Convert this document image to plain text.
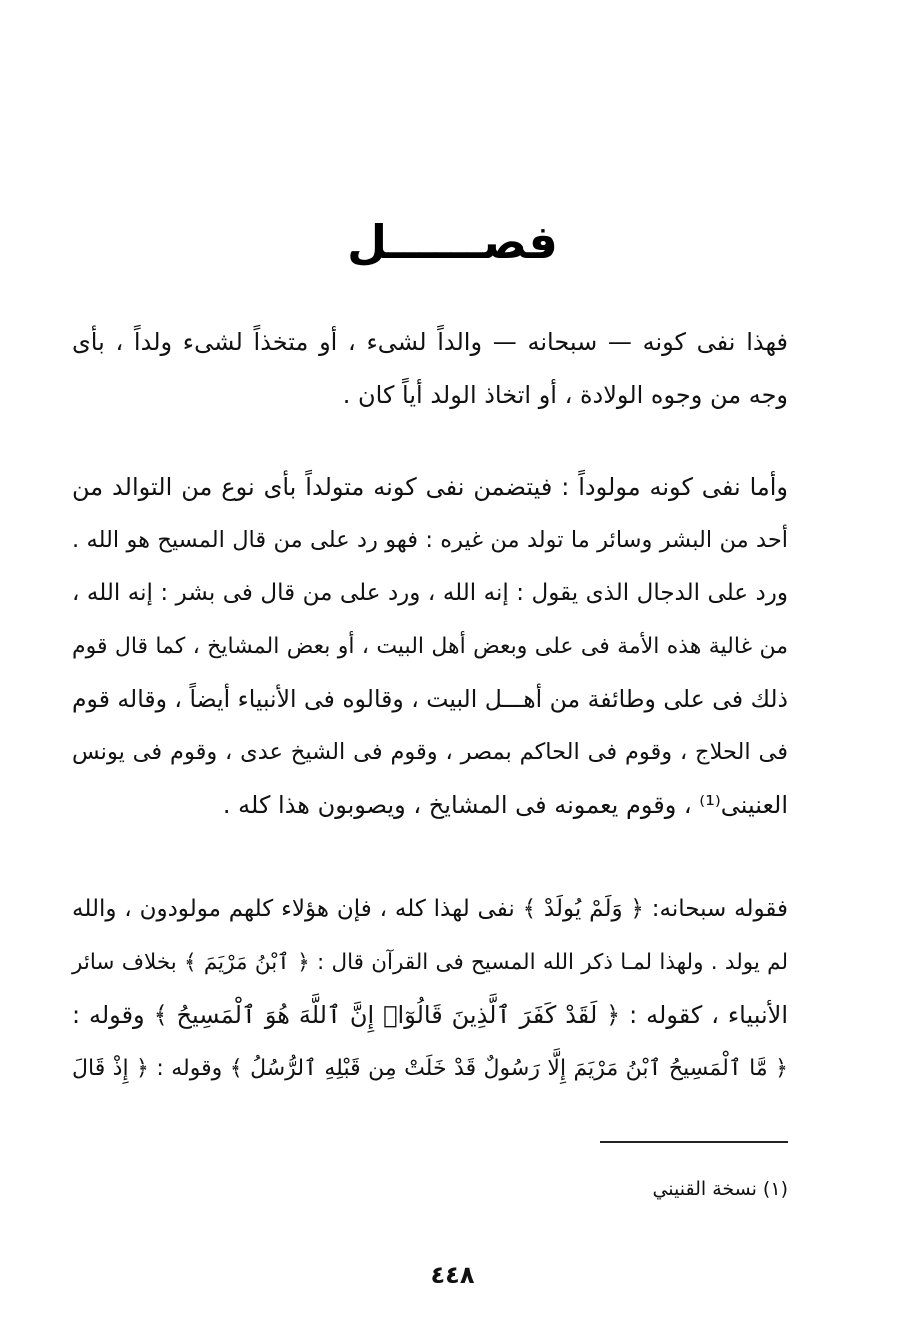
فصــــــل
فهذا نفى كونه — سبحانه — والداً لشىء ، أو متخذاً لشىء ولداً ، بأى
وجه من وجوه الولادة ، أو اتخاذ الولد أياً كان .
وأما نفى كونه مولوداً : فيتضمن نفى كونه متولداً بأى نوع من التوالد من
أحد من البشر وسائر ما تولد من غيره : فهو رد على من قال المسيح هو الله .
ورد على الدجال الذى يقول : إنه الله ، ورد على من قال فى بشر : إنه الله ،
من غالية هذه الأمة فى على وبعض أهل البيت ، أو بعض المشايخ ، كما قال قوم
ذلك فى على وطائفة من أهـــل البيت ، وقالوه فى الأنبياء أيضاً ، وقاله قوم
فى الحلاج ، وقوم فى الحاكم بمصر ، وقوم فى الشيخ عدى ، وقوم فى يونس
العنينى⁽¹⁾ ، وقوم يعمونه فى المشايخ ، ويصوبون هذا كله .
فقوله سبحانه: ﴿ وَلَمْ يُولَدْ ﴾ نفى لهذا كله ، فإن هؤلاء كلهم مولودون ، والله
لم يولد . ولهذا لمـا ذكر الله المسيح فى القرآن قال : ﴿ ٱبْنُ مَرْيَمَ ﴾ بخلاف سائر
الأنبياء ، كقوله : ﴿ لَقَدْ كَفَرَ ٱلَّذِينَ قَالُوٓا۟ إِنَّ ٱللَّهَ هُوَ ٱلْمَسِيحُ ﴾ وقوله :
﴿ مَّا ٱلْمَسِيحُ ٱبْنُ مَرْيَمَ إِلَّا رَسُولٌ قَدْ خَلَتْ مِن قَبْلِهِ ٱلرُّسُلُ ﴾ وقوله : ﴿ إِذْ قَالَ
(١) نسخة القنيني
٤٤٨
